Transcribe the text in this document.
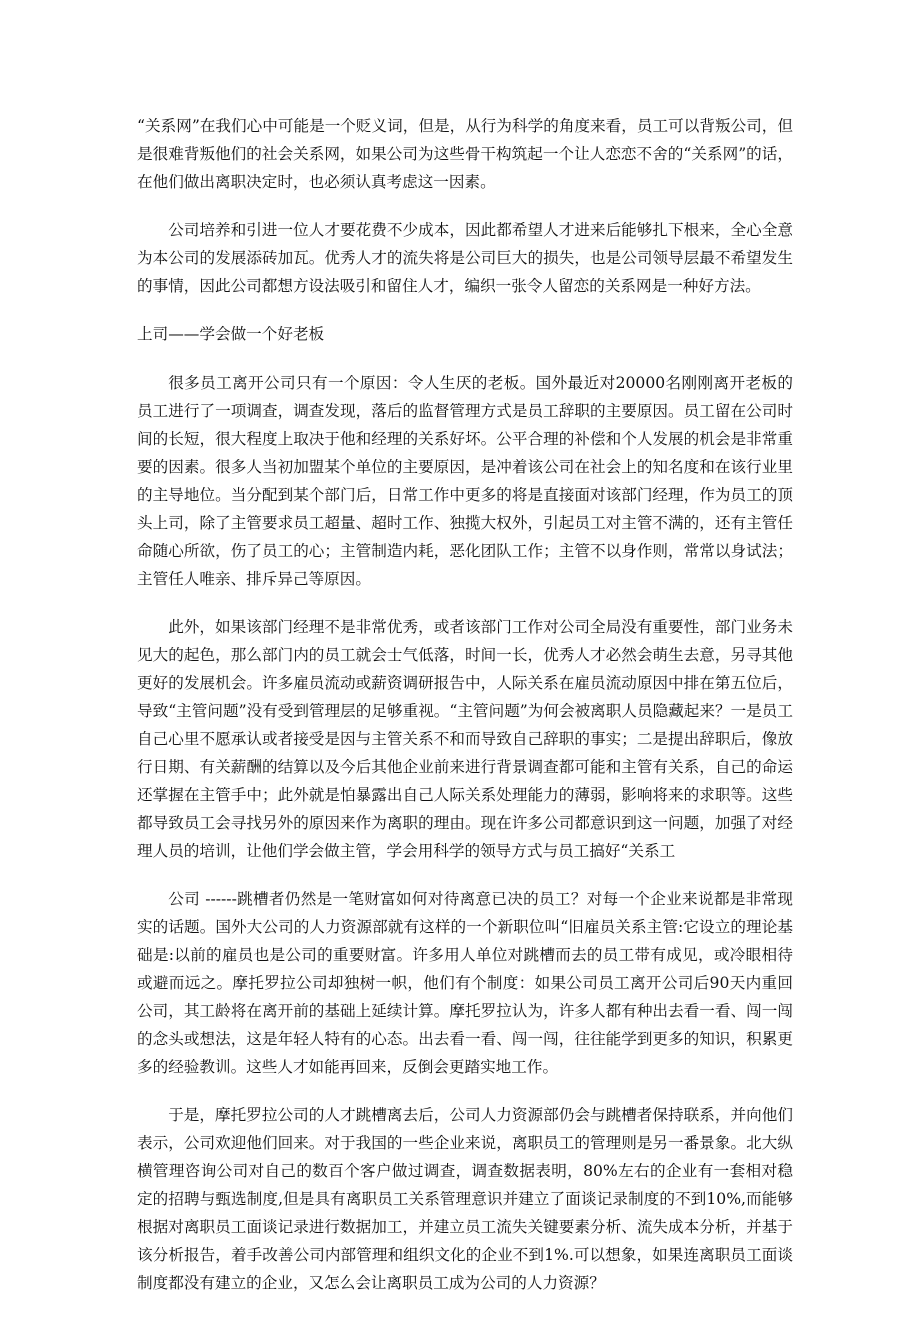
“关系网”在我们心中可能是一个贬义词，但是，从行为科学的角度来看，员工可以背叛公司，但是很难背叛他们的社会关系网，如果公司为这些骨干构筑起一个让人恋恋不舍的“关系网”的话，在他们做出离职决定时，也必须认真考虑这一因素。

公司培养和引进一位人才要花费不少成本，因此都希望人才进来后能够扎下根来，全心全意为本公司的发展添砖加瓦。优秀人才的流失将是公司巨大的损失，也是公司领导层最不希望发生的事情，因此公司都想方设法吸引和留住人才，编织一张令人留恋的关系网是一种好方法。

上司——学会做一个好老板

很多员工离开公司只有一个原因：令人生厌的老板。国外最近对20000名刚刚离开老板的员工进行了一项调查，调查发现，落后的监督管理方式是员工辞职的主要原因。员工留在公司时间的长短，很大程度上取决于他和经理的关系好坏。公平合理的补偿和个人发展的机会是非常重要的因素。很多人当初加盟某个单位的主要原因，是冲着该公司在社会上的知名度和在该行业里的主导地位。当分配到某个部门后，日常工作中更多的将是直接面对该部门经理，作为员工的顶头上司，除了主管要求员工超量、超时工作、独揽大权外，引起员工对主管不满的，还有主管任命随心所欲，伤了员工的心；主管制造内耗，恶化团队工作；主管不以身作则，常常以身试法；主管任人唯亲、排斥异己等原因。

此外，如果该部门经理不是非常优秀，或者该部门工作对公司全局没有重要性，部门业务未见大的起色，那么部门内的员工就会士气低落，时间一长，优秀人才必然会萌生去意，另寻其他更好的发展机会。许多雇员流动或薪资调研报告中，人际关系在雇员流动原因中排在第五位后，导致“主管问题”没有受到管理层的足够重视。“主管问题”为何会被离职人员隐藏起来？一是员工自己心里不愿承认或者接受是因与主管关系不和而导致自己辞职的事实；二是提出辞职后，像放行日期、有关薪酬的结算以及今后其他企业前来进行背景调查都可能和主管有关系，自己的命运还掌握在主管手中；此外就是怕暴露出自己人际关系处理能力的薄弱，影响将来的求职等。这些都导致员工会寻找另外的原因来作为离职的理由。现在许多公司都意识到这一问题，加强了对经理人员的培训，让他们学会做主管，学会用科学的领导方式与员工搞好“关系工

公司 ------跳槽者仍然是一笔财富如何对待离意已决的员工？对每一个企业来说都是非常现实的话题。国外大公司的人力资源部就有这样的一个新职位叫“旧雇员关系主管:它设立的理论基础是:以前的雇员也是公司的重要财富。许多用人单位对跳槽而去的员工带有成见，或冷眼相待或避而远之。摩托罗拉公司却独树一帜，他们有个制度：如果公司员工离开公司后90天内重回公司，其工龄将在离开前的基础上延续计算。摩托罗拉认为，许多人都有种出去看一看、闯一闯的念头或想法，这是年轻人特有的心态。出去看一看、闯一闯，往往能学到更多的知识，积累更多的经验教训。这些人才如能再回来，反倒会更踏实地工作。

于是，摩托罗拉公司的人才跳槽离去后，公司人力资源部仍会与跳槽者保持联系，并向他们表示，公司欢迎他们回来。对于我国的一些企业来说，离职员工的管理则是另一番景象。北大纵横管理咨询公司对自己的数百个客户做过调查，调查数据表明，80%左右的企业有一套相对稳定的招聘与甄选制度,但是具有离职员工关系管理意识并建立了面谈记录制度的不到10%,而能够根据对离职员工面谈记录进行数据加工，并建立员工流失关键要素分析、流失成本分析，并基于该分析报告，着手改善公司内部管理和组织文化的企业不到1%.可以想象，如果连离职员工面谈制度都没有建立的企业，又怎么会让离职员工成为公司的人力资源？
